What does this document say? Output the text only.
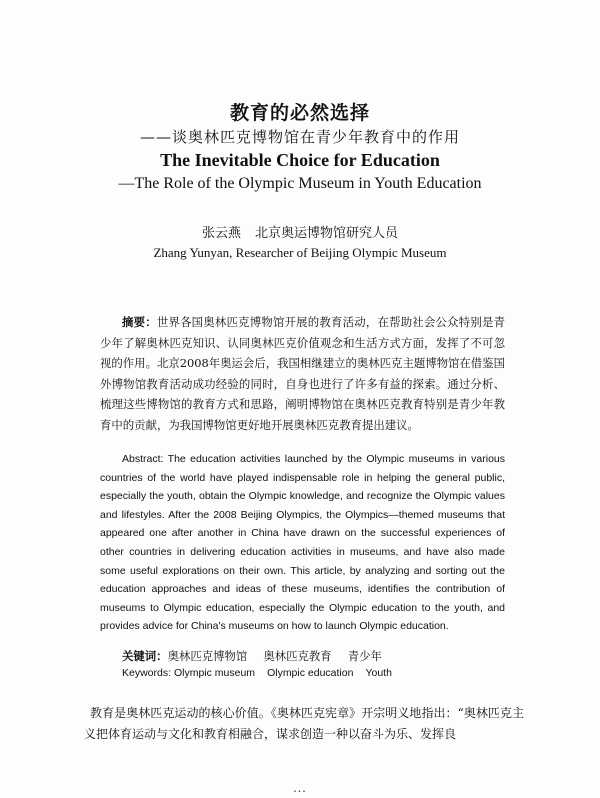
教育的必然选择
——谈奥林匹克博物馆在青少年教育中的作用
The Inevitable Choice for Education
—The Role of the Olympic Museum in Youth Education
张云燕 北京奥运博物馆研究人员
Zhang Yunyan, Researcher of Beijing Olympic Museum
摘要：世界各国奥林匹克博物馆开展的教育活动，在帮助社会公众特别是青少年了解奥林匹克知识、认同奥林匹克价值观念和生活方式方面，发挥了不可忽视的作用。北京2008年奥运会后，我国相继建立的奥林匹克主题博物馆在借鉴国外博物馆教育活动成功经验的同时，自身也进行了许多有益的探索。通过分析、梳理这些博物馆的教育方式和思路，阐明博物馆在奥林匹克教育特别是青少年教育中的贡献，为我国博物馆更好地开展奥林匹克教育提出建议。
Abstract: The education activities launched by the Olympic museums in various countries of the world have played indispensable role in helping the general public, especially the youth, obtain the Olympic knowledge, and recognize the Olympic values and lifestyles. After the 2008 Beijing Olympics, the Olympics—themed museums that appeared one after another in China have drawn on the successful experiences of other countries in delivering education activities in museums, and have also made some useful explorations on their own. This article, by analyzing and sorting out the education approaches and ideas of these museums, identifies the contribution of museums to Olympic education, especially the Olympic education to the youth, and provides advice for China's museums on how to launch Olympic education.
关键词：奥林匹克博物馆 奥林匹克教育 青少年
Keywords: Olympic museum Olympic education Youth
教育是奥林匹克运动的核心价值。《奥林匹克宪章》开宗明义地指出：“奥林匹克主义把体育运动与文化和教育相融合，谋求创造一种以奋斗为乐、发挥良
···
